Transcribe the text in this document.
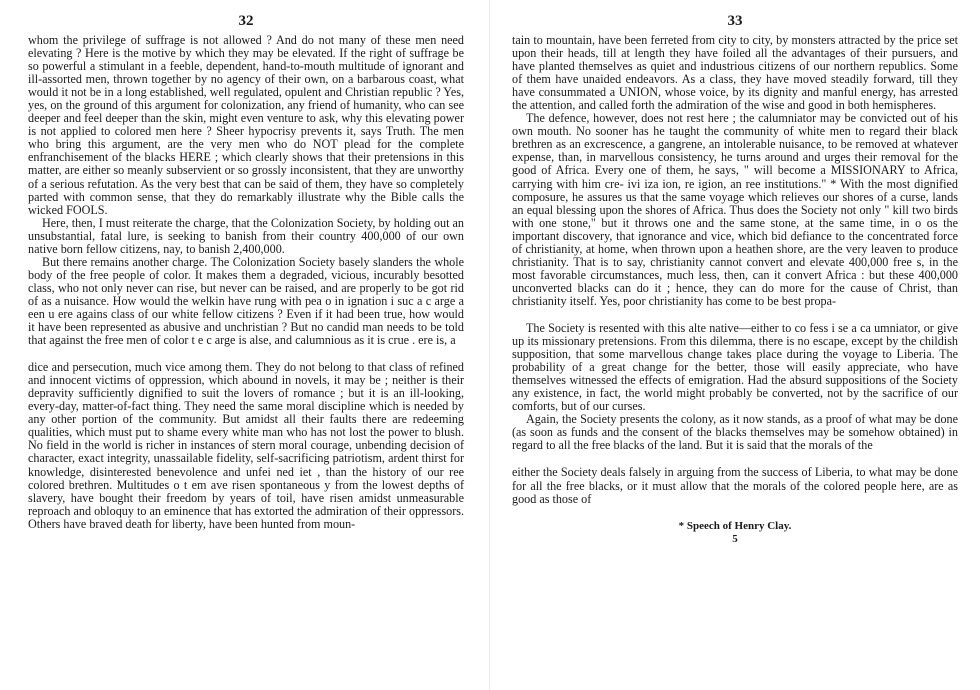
32

whom the privilege of suffrage is not allowed ? And do not many of these men need elevating ? Here is the motive by which they may be elevated. If the right of suffrage be so powerful a stimulant in a feeble, dependent, hand-to-mouth multitude of ignorant and ill-assorted men, thrown together by no agency of their own, on a barbarous coast, what would it not be in a long established, well regulated, opulent and Christian republic ? Yes, yes, on the ground of this argument for colonization, any friend of humanity, who can see deeper and feel deeper than the skin, might even venture to ask, why this elevating power is not applied to colored men here ? Sheer hypocrisy prevents it, says Truth. The men who bring this argument, are the very men who do NOT plead for the complete enfranchisement of the blacks HERE ; which clearly shows that their pretensions in this matter, are either so meanly subservient or so grossly inconsistent, that they are unworthy of a serious refutation. As the very best that can be said of them, they have so completely parted with common sense, that they do remarkably illustrate why the Bible calls the wicked FOOLS.

Here, then, I must reiterate the charge, that the Colonization Society, by holding out an unsubstantial, fatal lure, is seeking to banish from their country 400,000 of our own native born fellow citizens, nay, to banish 2,400,000.

But there remains another charge. The Colonization Society basely slanders the whole body of the free people of color. It makes them a degraded, vicious, incurably besotted class, who not only never can rise, but never can be raised, and are properly to be got rid of as a nuisance. How would the welkin have rung with pea o in ignation i suc a c arge a een u ere agains class of our white fellow citizens ? Even if it had been true, how would it have been represented as abusive and unchristian ? But no candid man needs to be told that against the free men of color t e c arge is alse, and calumnious as it is crue . ere is, a

dice and persecution, much vice among them. They do not belong to that class of refined and innocent victims of oppression, which abound in novels, it may be ; neither is their depravity sufficiently dignified to suit the lovers of romance ; but it is an ill-looking, every-day, matter-of-fact thing. They need the same moral discipline which is needed by any other portion of the community. But amidst all their faults there are redeeming qualities, which must put to shame every white man who has not lost the power to blush. No field in the world is richer in instances of stern moral courage, unbending decision of character, exact integrity, unassailable fidelity, self-sacrificing patriotism, ardent thirst for knowledge, disinterested benevolence and unfei ned iet , than the history of our ree colored brethren. Multitudes o t em ave risen spontaneous y from the lowest depths of slavery, have bought their freedom by years of toil, have risen amidst unmeasurable reproach and obloquy to an eminence that has extorted the admiration of their oppressors. Others have braved death for liberty, have been hunted from moun-

33

tain to mountain, have been ferreted from city to city, by monsters attracted by the price set upon their heads, till at length they have foiled all the advantages of their pursuers, and have planted themselves as quiet and industrious citizens of our northern republics. Some of them have unaided endeavors. As a class, they have moved steadily forward, till they have consummated a UNION, whose voice, by its dignity and manful energy, has arrested the attention, and called forth the admiration of the wise and good in both hemispheres.

The defence, however, does not rest here ; the calumniator may be convicted out of his own mouth. No sooner has he taught the community of white men to regard their black brethren as an excrescence, a gangrene, an intolerable nuisance, to be removed at whatever expense, than, in marvellous consistency, he turns around and urges their removal for the good of Africa. Every one of them, he says, " will become a MISSIONARY to Africa, carrying with him cre- ivi iza ion, re igion, an ree institutions." * With the most dignified composure, he assures us that the same voyage which relieves our shores of a curse, lands an equal blessing upon the shores of Africa. Thus does the Society not only " kill two birds with one stone," but it throws one and the same stone, at the same time, in o os the important discovery, that ignorance and vice, which bid defiance to the concentrated force of christianity, at home, when thrown upon a heathen shore, are the very leaven to produce christianity. That is to say, christianity cannot convert and elevate 400,000 free s, in the most favorable circumstances, much less, then, can it convert Africa : but these 400,000 unconverted blacks can do it ; hence, they can do more for the cause of Christ, than christianity itself. Yes, poor christianity has come to be best propa-

The Society is resented with this alte native—either to co fess i se a ca umniator, or give up its missionary pretensions. From this dilemma, there is no escape, except by the childish supposition, that some marvellous change takes place during the voyage to Liberia. The probability of a great change for the better, those will easily appreciate, who have themselves witnessed the effects of emigration. Had the absurd suppositions of the Society any existence, in fact, the world might probably be converted, not by the sacrifice of our comforts, but of our curses.

Again, the Society presents the colony, as it now stands, as a proof of what may be done (as soon as funds and the consent of the blacks themselves may be somehow obtained) in regard to all the free blacks of the land. But it is said that the morals of the

either the Society deals falsely in arguing from the success of Liberia, to what may be done for all the free blacks, or it must allow that the morals of the colored people here, are as good as those of

* Speech of Henry Clay.
5
